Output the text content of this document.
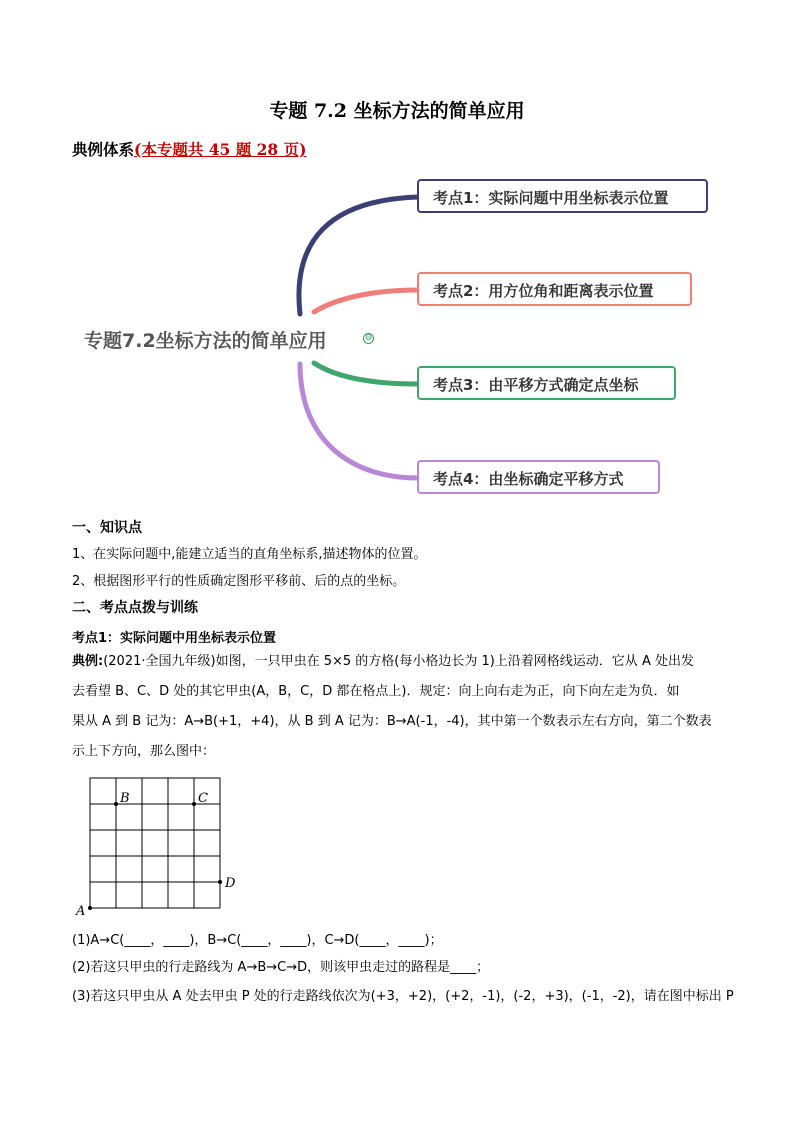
专题 7.2 坐标方法的简单应用
典例体系(本专题共 45 题 28 页)
专题7.2坐标方法的简单应用	⊖
考点1：实际问题中用坐标表示位置
考点2：用方位角和距离表示位置
考点3：由平移方式确定点坐标
考点4：由坐标确定平移方式
一、知识点
1、在实际问题中,能建立适当的直角坐标系,描述物体的位置。
2、根据图形平行的性质确定图形平移前、后的点的坐标。
二、考点点拨与训练
考点1：实际问题中用坐标表示位置
典例:(2021·全国九年级)如图，一只甲虫在 5×5 的方格(每小格边长为 1)上沿着网格线运动．它从 A 处出发
去看望 B、C、D 处的其它甲虫(A，B，C，D 都在格点上)．规定：向上向右走为正，向下向左走为负．如
果从 A 到 B 记为：A→B(+1，+4)，从 B 到 A 记为：B→A(-1，-4)，其中第一个数表示左右方向，第二个数表
示上下方向，那么图中：
A
B	C
D
(1)A→C(____，____)，B→C(____，____)，C→D(____，____)；
(2)若这只甲虫的行走路线为 A→B→C→D，则该甲虫走过的路程是____；
(3)若这只甲虫从 A 处去甲虫 P 处的行走路线依次为(+3，+2)，(+2，-1)，(-2，+3)，(-1，-2)，请在图中标出 P
